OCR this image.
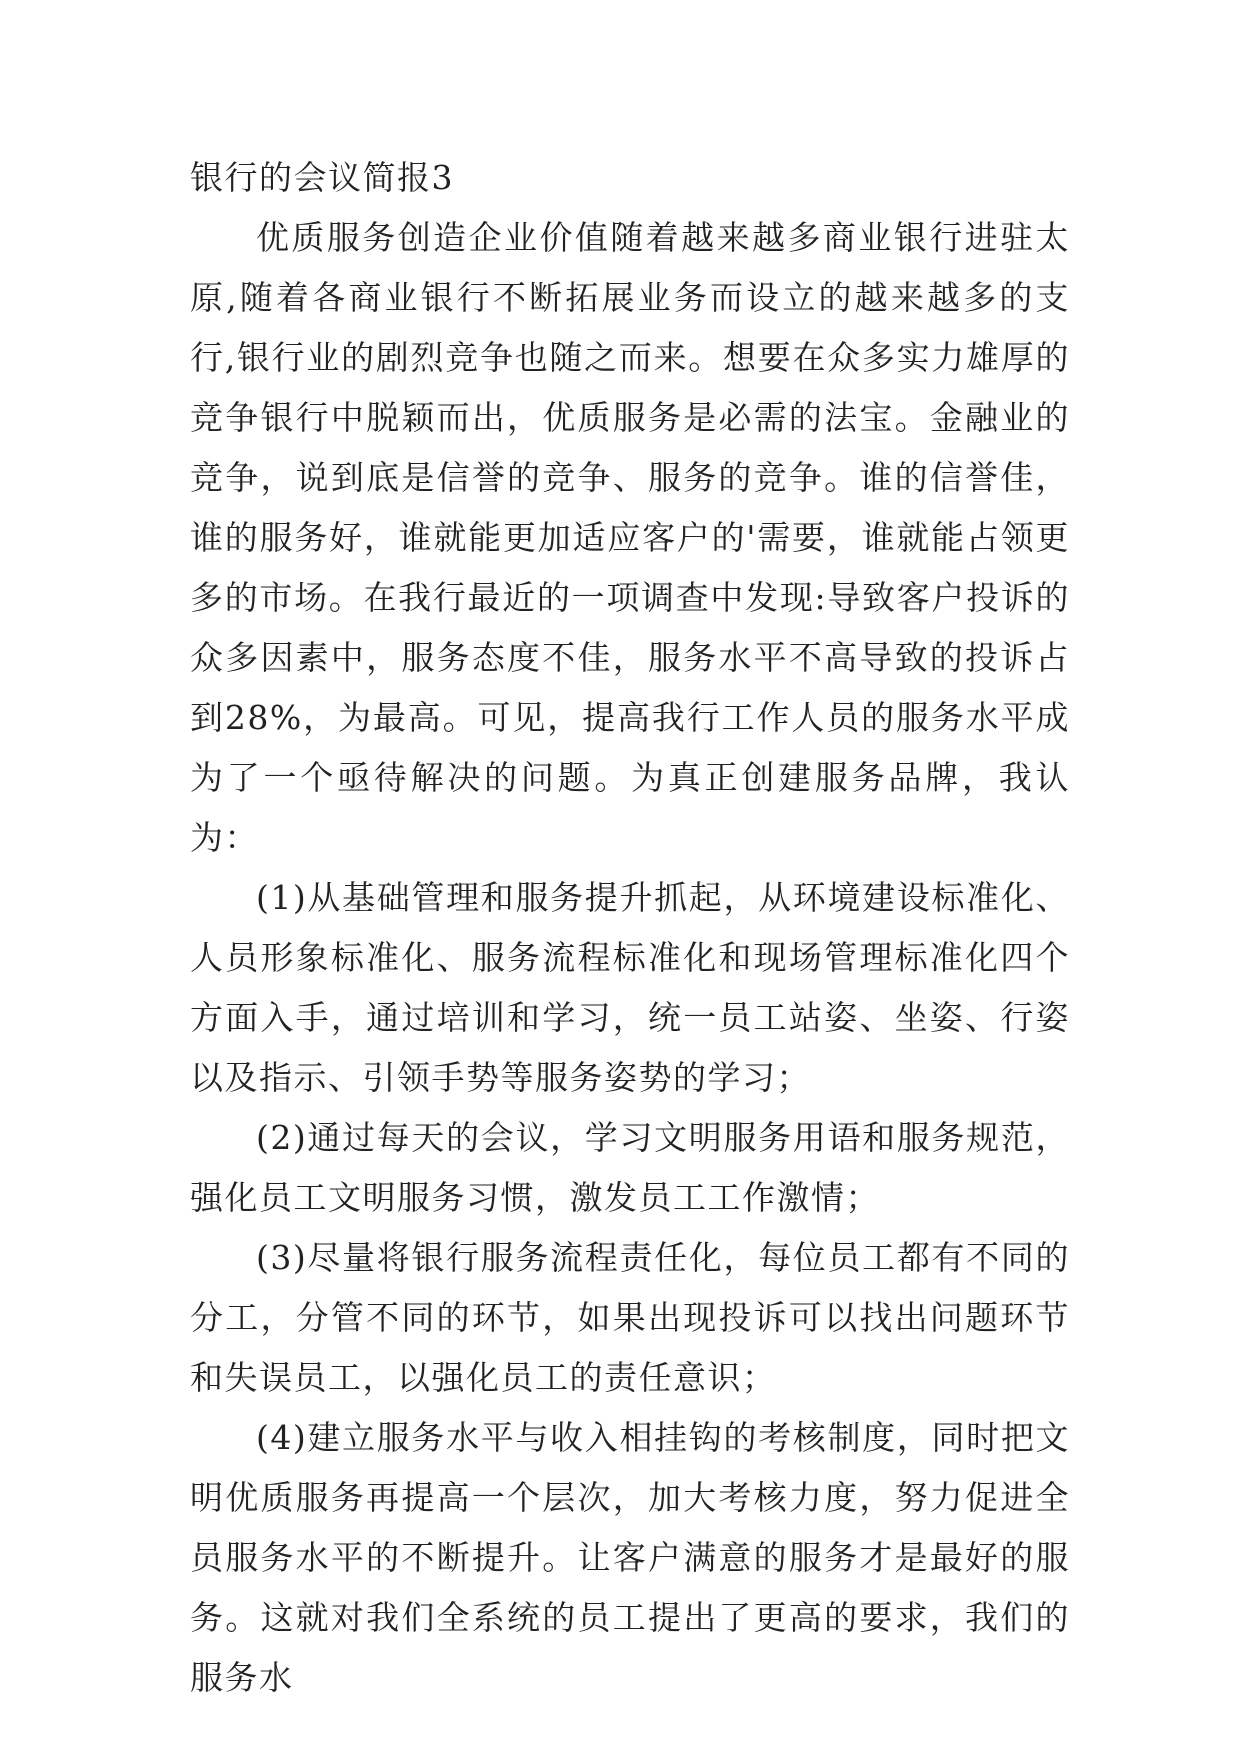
银行的会议简报3

优质服务创造企业价值随着越来越多商业银行进驻太原,随着各商业银行不断拓展业务而设立的越来越多的支行,银行业的剧烈竞争也随之而来。想要在众多实力雄厚的竞争银行中脱颖而出，优质服务是必需的法宝。金融业的竞争，说到底是信誉的竞争、服务的竞争。谁的信誉佳，谁的服务好，谁就能更加适应客户的'需要，谁就能占领更多的市场。在我行最近的一项调查中发现:导致客户投诉的众多因素中，服务态度不佳，服务水平不高导致的投诉占到28%，为最高。可见，提高我行工作人员的服务水平成为了一个亟待解决的问题。为真正创建服务品牌，我认为：

(1)从基础管理和服务提升抓起，从环境建设标准化、人员形象标准化、服务流程标准化和现场管理标准化四个方面入手，通过培训和学习，统一员工站姿、坐姿、行姿以及指示、引领手势等服务姿势的学习；

(2)通过每天的会议，学习文明服务用语和服务规范，强化员工文明服务习惯，激发员工工作激情；

(3)尽量将银行服务流程责任化，每位员工都有不同的分工，分管不同的环节，如果出现投诉可以找出问题环节和失误员工，以强化员工的责任意识；

(4)建立服务水平与收入相挂钩的考核制度，同时把文明优质服务再提高一个层次，加大考核力度，努力促进全员服务水平的不断提升。让客户满意的服务才是最好的服务。这就对我们全系统的员工提出了更高的要求，我们的服务水
